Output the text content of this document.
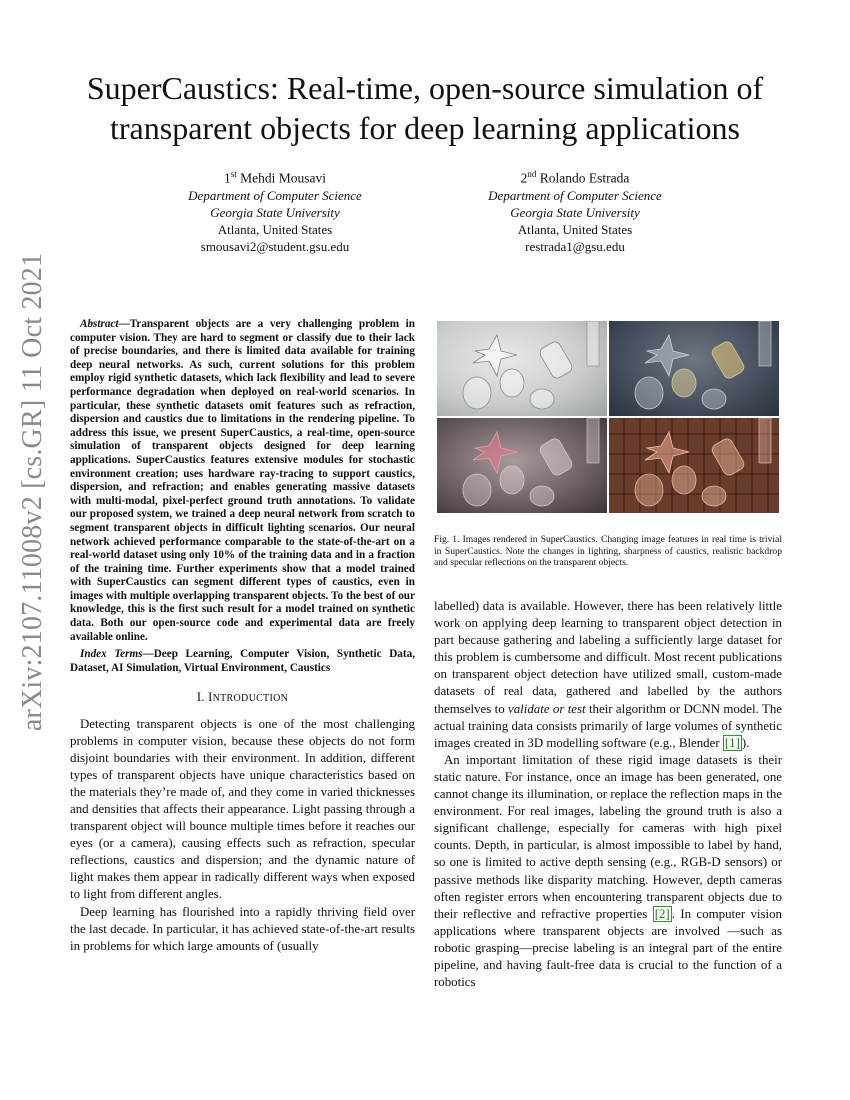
arXiv:2107.11008v2 [cs.GR] 11 Oct 2021
SuperCaustics: Real-time, open-source simulation of transparent objects for deep learning applications
1st Mehdi Mousavi
Department of Computer Science
Georgia State University
Atlanta, United States
smousavi2@student.gsu.edu
2nd Rolando Estrada
Department of Computer Science
Georgia State University
Atlanta, United States
restrada1@gsu.edu

Abstract—Transparent objects are a very challenging problem in computer vision. They are hard to segment or classify due to their lack of precise boundaries, and there is limited data available for training deep neural networks. As such, current solutions for this problem employ rigid synthetic datasets, which lack flexibility and lead to severe performance degradation when deployed on real-world scenarios. In particular, these synthetic datasets omit features such as refraction, dispersion and caustics due to limitations in the rendering pipeline. To address this issue, we present SuperCaustics, a real-time, open-source simulation of transparent objects designed for deep learning applications. SuperCaustics features extensive modules for stochastic environment creation; uses hardware ray-tracing to support caustics, dispersion, and refraction; and enables generating massive datasets with multi-modal, pixel-perfect ground truth annotations. To validate our proposed system, we trained a deep neural network from scratch to segment transparent objects in difficult lighting scenarios. Our neural network achieved performance comparable to the state-of-the-art on a real-world dataset using only 10% of the training data and in a fraction of the training time. Further experiments show that a model trained with SuperCaustics can segment different types of caustics, even in images with multiple overlapping transparent objects. To the best of our knowledge, this is the first such result for a model trained on synthetic data. Both our open-source code and experimental data are freely available online.

Index Terms—Deep Learning, Computer Vision, Synthetic Data, Dataset, AI Simulation, Virtual Environment, Caustics

I. INTRODUCTION

Detecting transparent objects is one of the most challenging problems in computer vision, because these objects do not form disjoint boundaries with their environment. In addition, different types of transparent objects have unique characteristics based on the materials they’re made of, and they come in varied thicknesses and densities that affects their appearance. Light passing through a transparent object will bounce multiple times before it reaches our eyes (or a camera), causing effects such as refraction, specular reflections, caustics and dispersion; and the dynamic nature of light makes them appear in radically different ways when exposed to light from different angles.

Deep learning has flourished into a rapidly thriving field over the last decade. In particular, it has achieved state-of-the-art results in problems for which large amounts of (usually

Fig. 1. Images rendered in SuperCaustics. Changing image features in real time is trivial in SuperCaustics. Note the changes in lighting, sharpness of caustics, realistic backdrop and specular reflections on the transparent objects.

labelled) data is available. However, there has been relatively little work on applying deep learning to transparent object detection in part because gathering and labeling a sufficiently large dataset for this problem is cumbersome and difficult. Most recent publications on transparent object detection have utilized small, custom-made datasets of real data, gathered and labelled by the authors themselves to validate or test their algorithm or DCNN model. The actual training data consists primarily of large volumes of synthetic images created in 3D modelling software (e.g., Blender [1] ).

An important limitation of these rigid image datasets is their static nature. For instance, once an image has been generated, one cannot change its illumination, or replace the reflection maps in the environment. For real images, labeling the ground truth is also a significant challenge, especially for cameras with high pixel counts. Depth, in particular, is almost impossible to label by hand, so one is limited to active depth sensing (e.g., RGB-D sensors) or passive methods like disparity matching. However, depth cameras often register errors when encountering transparent objects due to their reflective and refractive properties [2] . In computer vision applications where transparent objects are involved —such as robotic grasping—precise labeling is an integral part of the entire pipeline, and having fault-free data is crucial to the function of a robotics
